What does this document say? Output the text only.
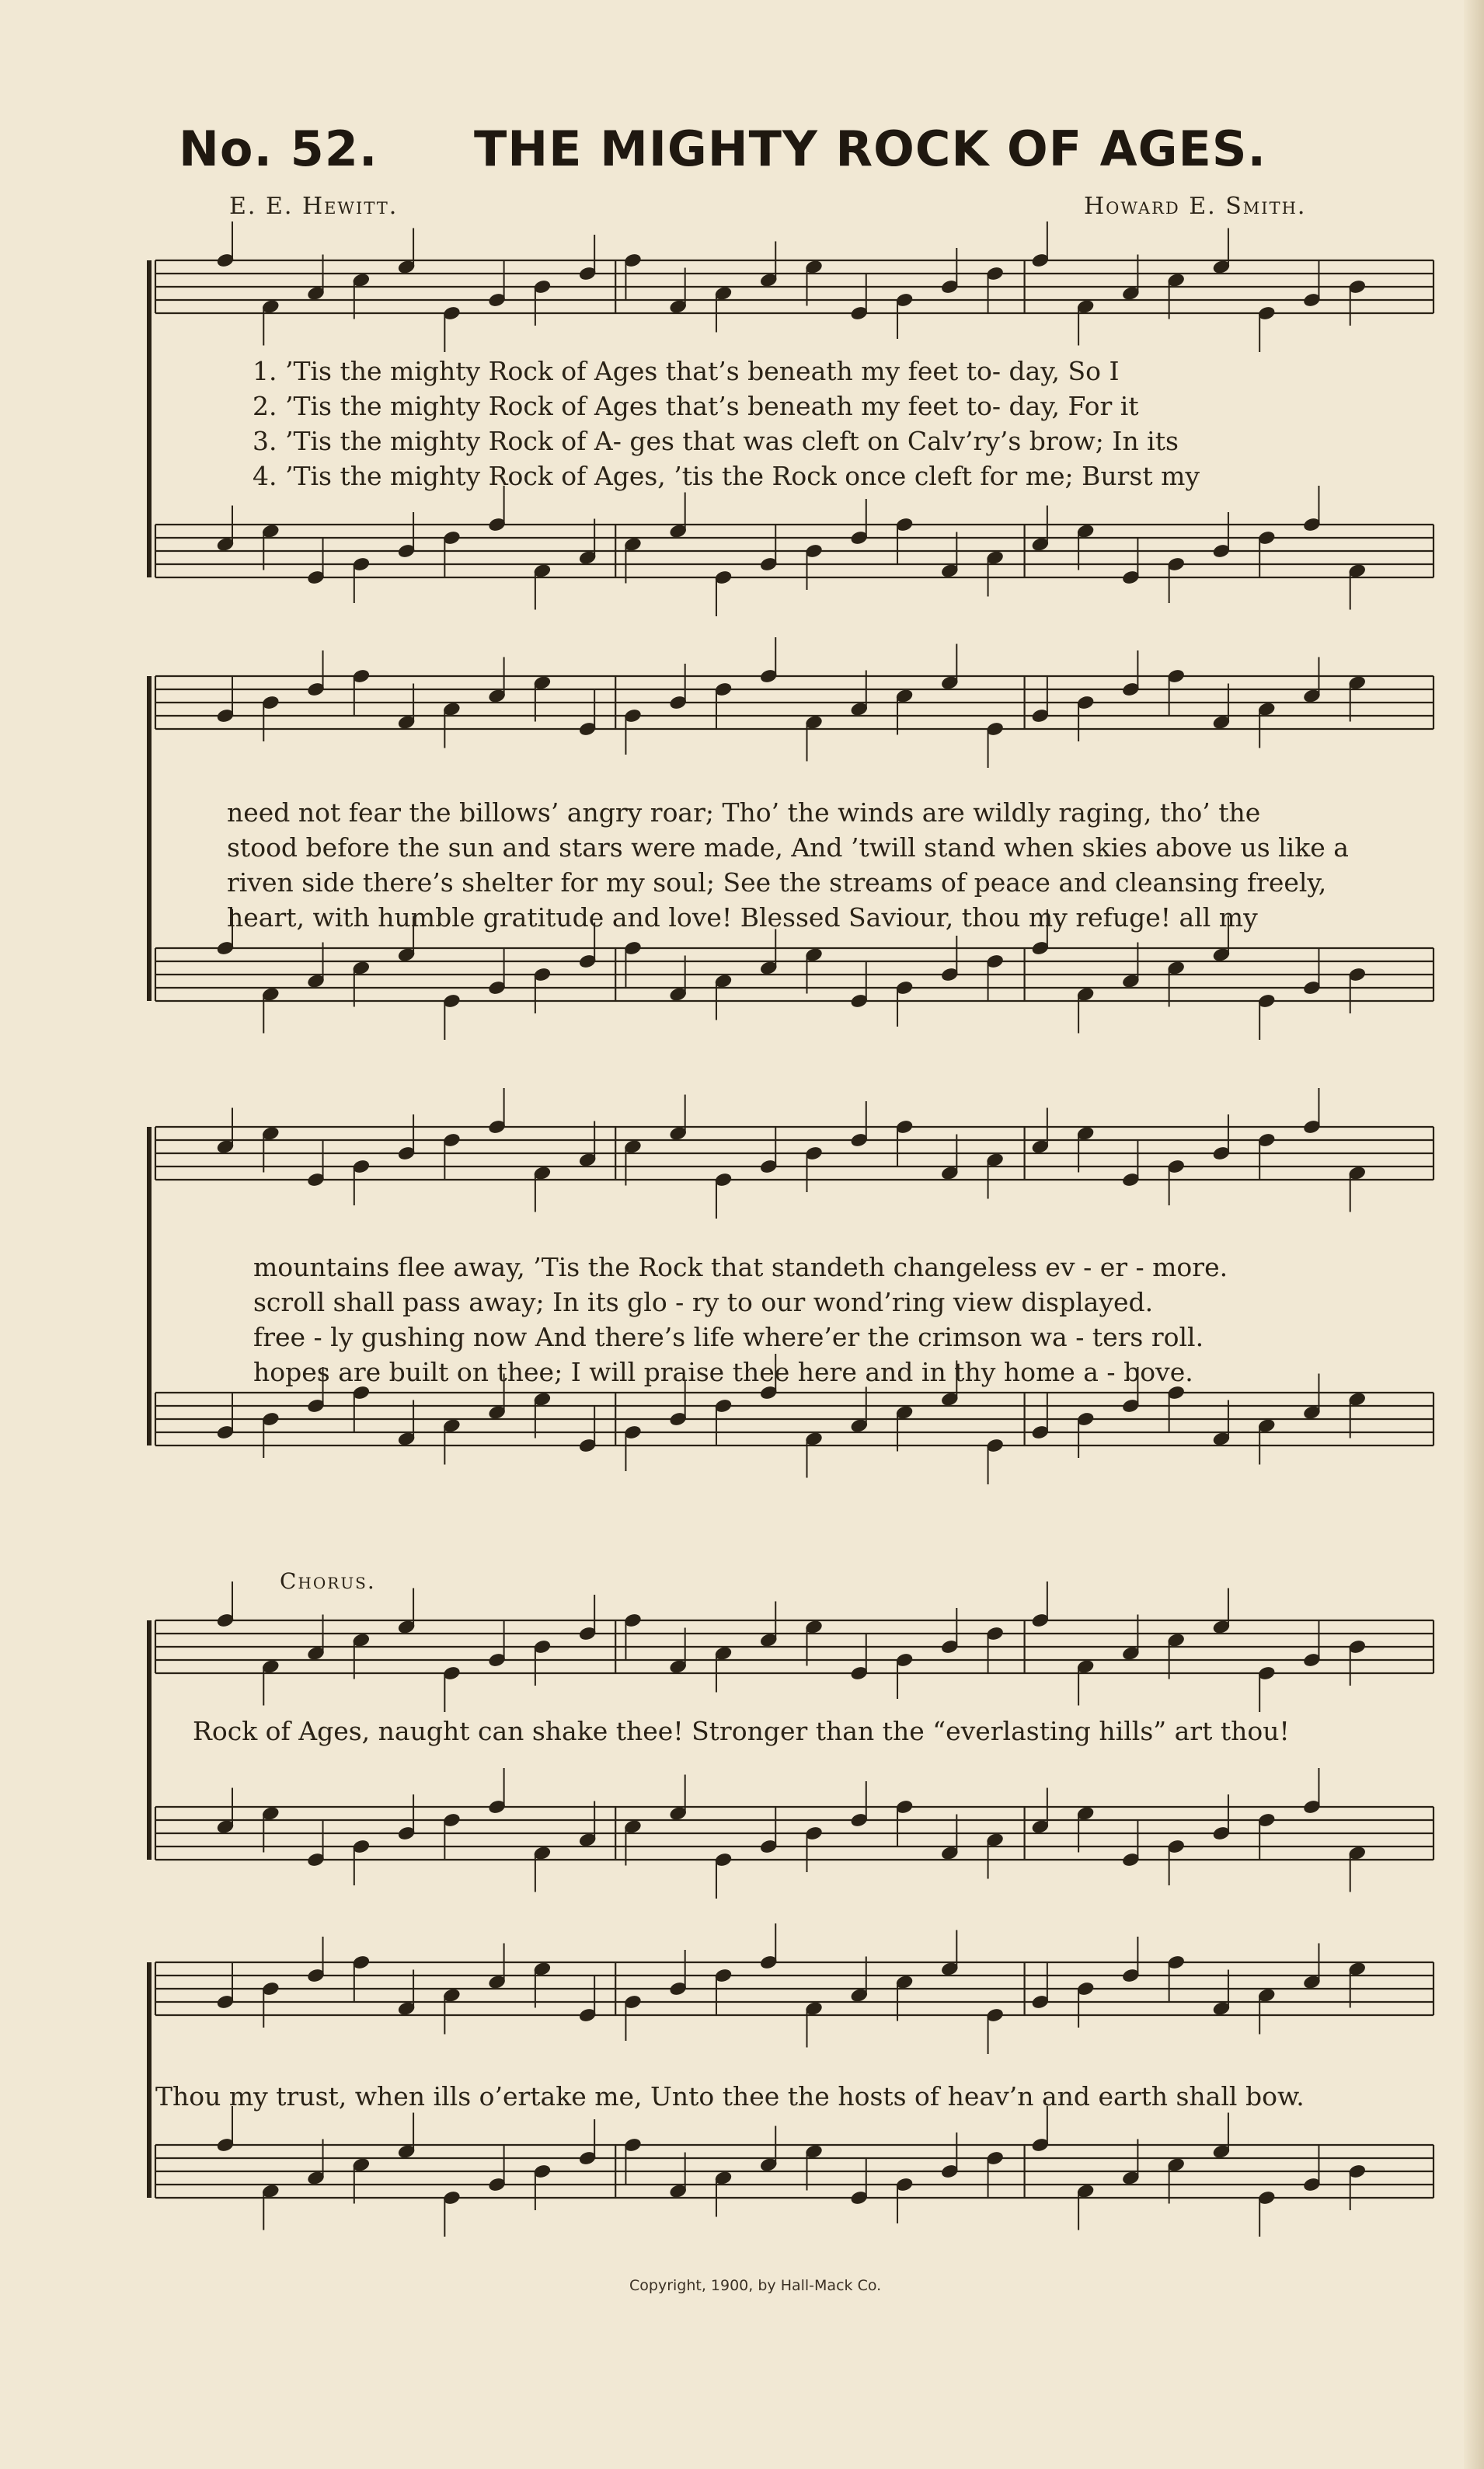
No. 52. THE MIGHTY ROCK OF AGES.
E. E. Hewitt.	Howard E. Smith.
1. ’Tis the mighty Rock of Ages that’s beneath my feet to- day, So I
2. ’Tis the mighty Rock of Ages that’s beneath my feet to- day, For it
3. ’Tis the mighty Rock of A- ges that was cleft on Calv’ry’s brow; In its
4. ’Tis the mighty Rock of Ages, ’tis the Rock once cleft for me; Burst my
need not fear the billows’ angry roar; Tho’ the winds are wildly raging, tho’ the
stood before the sun and stars were made, And ’twill stand when skies above us like a
riven side there’s shelter for my soul; See the streams of peace and cleansing freely,
heart, with humble gratitude and love! Blessed Saviour, thou my refuge! all my
mountains flee away, ’Tis the Rock that standeth changeless ev - er - more.
scroll shall pass away; In its glo - ry to our wond’ring view displayed.
free - ly gushing now And there’s life where’er the crimson wa - ters roll.
hopes are built on thee; I will praise thee here and in thy home a - bove.
Chorus.
Rock of Ages, naught can shake thee! Stronger than the “everlasting hills” art thou!
Thou my trust, when ills o’ertake me, Unto thee the hosts of heav’n and earth shall bow.
Copyright, 1900, by Hall-Mack Co.
